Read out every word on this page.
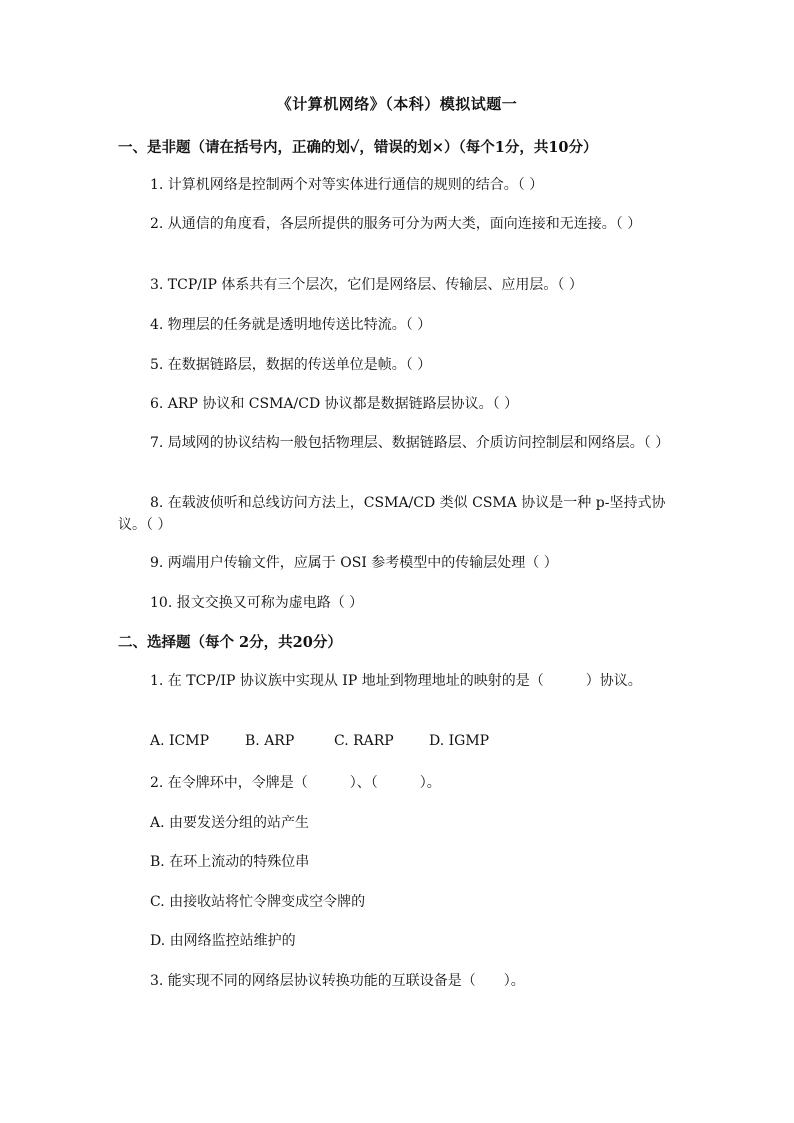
《计算机网络》（本科）模拟试题一
一、是非题（请在括号内，正确的划✓，错误的划×）（每个1分，共10分）
1. 计算机网络是控制两个对等实体进行通信的规则的结合。（ ）
2. 从通信的角度看，各层所提供的服务可分为两大类，面向连接和无连接。（ ）
3. TCP/IP 体系共有三个层次，它们是网络层、传输层、应用层。（ ）
4. 物理层的任务就是透明地传送比特流。（ ）
5. 在数据链路层，数据的传送单位是帧。（ ）
6. ARP 协议和 CSMA/CD 协议都是数据链路层协议。（ ）
7. 局域网的协议结构一般包括物理层、数据链路层、介质访问控制层和网络层。（ ）
8. 在载波侦听和总线访问方法上，CSMA/CD 类似 CSMA 协议是一种 p-坚持式协议。（ ）
9. 两端用户传输文件，应属于 OSI 参考模型中的传输层处理（ ）
10. 报文交换又可称为虚电路（ ）
二、选择题（每个 2分，共20分）
1. 在 TCP/IP 协议族中实现从 IP 地址到物理地址的映射的是（　　　）协议。
A. ICMP	B. ARP	C. RARP	D. IGMP
2. 在令牌环中，令牌是（　　　）、（　　　）。
A. 由要发送分组的站产生
B. 在环上流动的特殊位串
C. 由接收站将忙令牌变成空令牌的
D. 由网络监控站维护的
3. 能实现不同的网络层协议转换功能的互联设备是（　　）。
